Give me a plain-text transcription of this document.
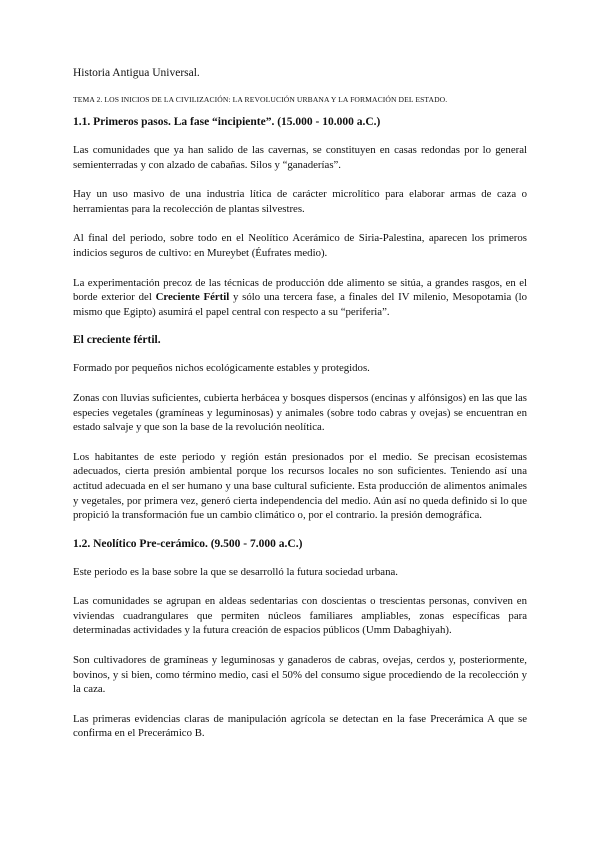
Historia Antigua Universal.
TEMA 2. LOS INICIOS DE LA CIVILIZACIÓN: LA REVOLUCIÓN URBANA Y LA FORMACIÓN DEL ESTADO.
1.1. Primeros pasos. La fase “incipiente”. (15.000 - 10.000 a.C.)

Las comunidades que ya han salido de las cavernas, se constituyen en casas redondas por lo general semienterradas y con alzado de cabañas. Silos y “ganaderías”.

Hay un uso masivo de una industria lítica de carácter microlítico para elaborar armas de caza o herramientas para la recolección de plantas silvestres.

Al final del periodo, sobre todo en el Neolítico Acerámico de Siria-Palestina, aparecen los primeros indicios seguros de cultivo: en Mureybet (Éufrates medio).

La experimentación precoz de las técnicas de producción dde alimento se sitúa, a grandes rasgos, en el borde exterior del Creciente Fértil y sólo una tercera fase, a finales del IV milenio, Mesopotamia (lo mismo que Egipto) asumirá el papel central con respecto a su “periferia”.

El creciente fértil.

Formado por pequeños nichos ecológicamente estables y protegidos.

Zonas con lluvias suficientes, cubierta herbácea y bosques dispersos (encinas y alfónsigos) en las que las especies vegetales (gramíneas y leguminosas) y animales (sobre todo cabras y ovejas) se encuentran en estado salvaje y que son la base de la revolución neolítica.

Los habitantes de este periodo y región están presionados por el medio. Se precisan ecosistemas adecuados, cierta presión ambiental porque los recursos locales no son suficientes. Teniendo así una actitud adecuada en el ser humano y una base cultural suficiente. Esta producción de alimentos animales y vegetales, por primera vez, generó cierta independencia del medio. Aún así no queda definido si lo que propició la transformación fue un cambio climático o, por el contrario. la presión demográfica.

1.2. Neolítico Pre-cerámico. (9.500 - 7.000 a.C.)

Este periodo es la base sobre la que se desarrolló la futura sociedad urbana.

Las comunidades se agrupan en aldeas sedentarias con doscientas o trescientas personas, conviven en viviendas cuadrangulares que permiten núcleos familiares ampliables, zonas específicas para determinadas actividades y la futura creación de espacios públicos (Umm Dabaghiyah).

Son cultivadores de gramíneas y leguminosas y ganaderos de cabras, ovejas, cerdos y, posteriormente, bovinos, y si bien, como término medio, casi el 50% del consumo sigue procediendo de la recolección y la caza.

Las primeras evidencias claras de manipulación agrícola se detectan en la fase Precerámica A que se confirma en el Precerámico B.
